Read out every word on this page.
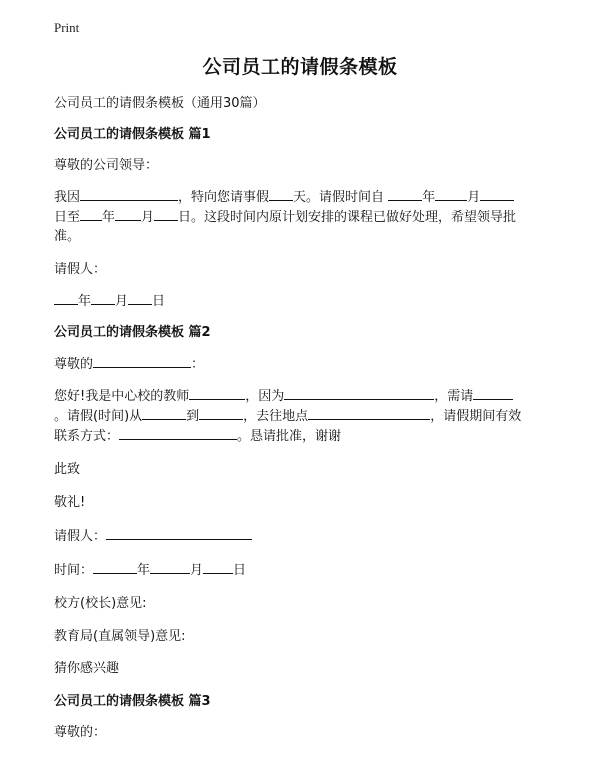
Print
公司员工的请假条模板

公司员工的请假条模板（通用30篇）

公司员工的请假条模板 篇1

尊敬的公司领导：

我因	，特向您请事假 天。请假时间自	年 月

日至 年 月 日。这段时间内原计划安排的课程已做好处理，希望领导批

准。

请假人：

年 月 日

公司员工的请假条模板 篇2

尊敬的	：

您好!我是中心校的教师	，因为	，需请

。请假(时间)从	到	，去往地点	，请假期间有效

联系方式：	。恳请批准，谢谢

此致

敬礼!

请假人：

时间：	年	月 日

校方(校长)意见:

教育局(直属领导)意见:

猜你感兴趣

公司员工的请假条模板 篇3

尊敬的：
